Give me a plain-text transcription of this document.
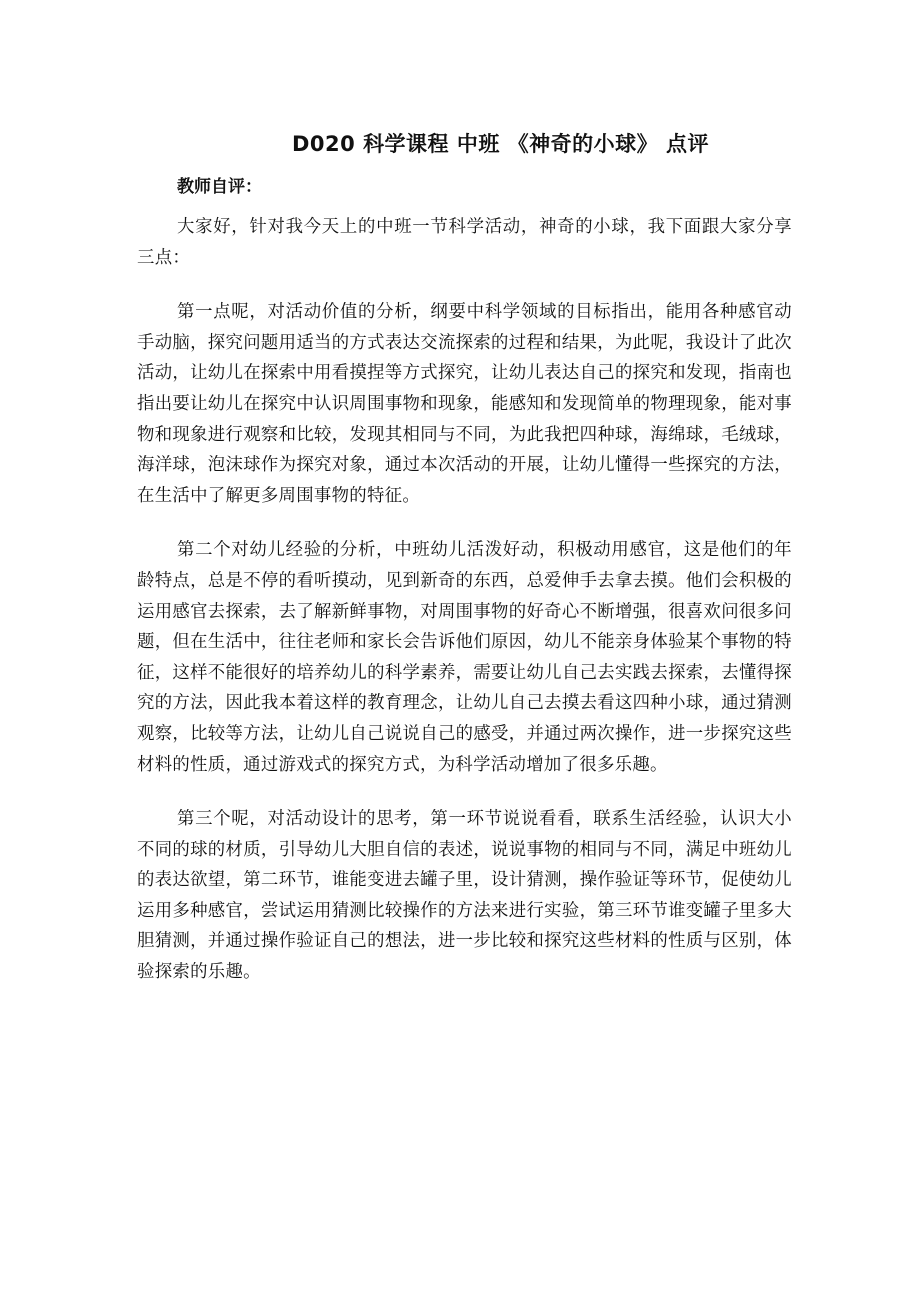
D020 科学课程 中班 《神奇的小球》 点评
教师自评：

大家好，针对我今天上的中班一节科学活动，神奇的小球，我下面跟大家分享三点：

第一点呢，对活动价值的分析，纲要中科学领域的目标指出，能用各种感官动手动脑，探究问题用适当的方式表达交流探索的过程和结果，为此呢，我设计了此次活动，让幼儿在探索中用看摸捏等方式探究，让幼儿表达自己的探究和发现，指南也指出要让幼儿在探究中认识周围事物和现象，能感知和发现简单的物理现象，能对事物和现象进行观察和比较，发现其相同与不同，为此我把四种球，海绵球，毛绒球，海洋球，泡沫球作为探究对象，通过本次活动的开展，让幼儿懂得一些探究的方法，在生活中了解更多周围事物的特征。

第二个对幼儿经验的分析，中班幼儿活泼好动，积极动用感官，这是他们的年龄特点，总是不停的看听摸动，见到新奇的东西，总爱伸手去拿去摸。他们会积极的运用感官去探索，去了解新鲜事物，对周围事物的好奇心不断增强，很喜欢问很多问题，但在生活中，往往老师和家长会告诉他们原因，幼儿不能亲身体验某个事物的特征，这样不能很好的培养幼儿的科学素养，需要让幼儿自己去实践去探索，去懂得探究的方法，因此我本着这样的教育理念，让幼儿自己去摸去看这四种小球，通过猜测观察，比较等方法，让幼儿自己说说自己的感受，并通过两次操作，进一步探究这些材料的性质，通过游戏式的探究方式，为科学活动增加了很多乐趣。

第三个呢，对活动设计的思考，第一环节说说看看，联系生活经验，认识大小不同的球的材质，引导幼儿大胆自信的表述，说说事物的相同与不同，满足中班幼儿的表达欲望，第二环节，谁能变进去罐子里，设计猜测，操作验证等环节，促使幼儿运用多种感官，尝试运用猜测比较操作的方法来进行实验，第三环节谁变罐子里多大胆猜测，并通过操作验证自己的想法，进一步比较和探究这些材料的性质与区别，体验探索的乐趣。
